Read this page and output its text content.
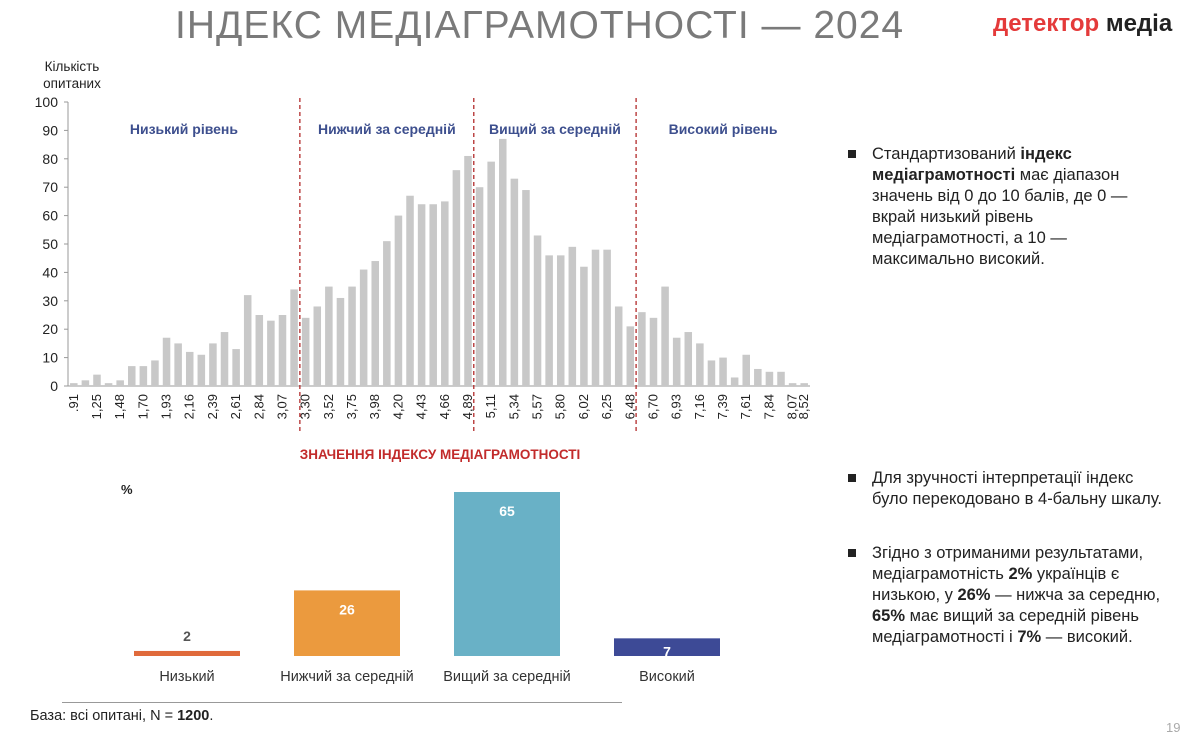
ІНДЕКС МЕДІАГРАМОТНОСТІ — 2024	детектор медіа
Кількість опитаних
0
10
20
30
40
50
60
70
80
90
100
.91 1,25 1,48 1,70 1,93 2,16 2,39 2,61 2,84 3,07 3,30 3,52 3,75 3,98 4,20 4,43 4,66 4,89 5,11 5,34 5,57 5,80 6,02 6,25 6,48 6,70 6,93 7,16 7,39 7,61 7,84 8,07
8,52
Низький рівень	Нижчий за середній Вищий за середній	Високий рівень
ЗНАЧЕННЯ ІНДЕКСУ МЕДІАГРАМОТНОСТІ
%
2
Низький
26
Нижчий за середній
65
Вищий за середній
7
Високий
Стандартизований індекс медіаграмотності має діапазон значень від 0 до 10 балів, де 0 — вкрай низький рівень медіаграмотності, а 10 — максимально високий.
Для зручності інтерпретації індекс було перекодовано в 4-бальну шкалу.
Згідно з отриманими результатами, медіаграмотність 2% українців є низькою, у 26% — нижча за середню, 65% має вищий за середній рівень медіаграмотності і 7% — високий.
База: всі опитані, N = 1200.
19
